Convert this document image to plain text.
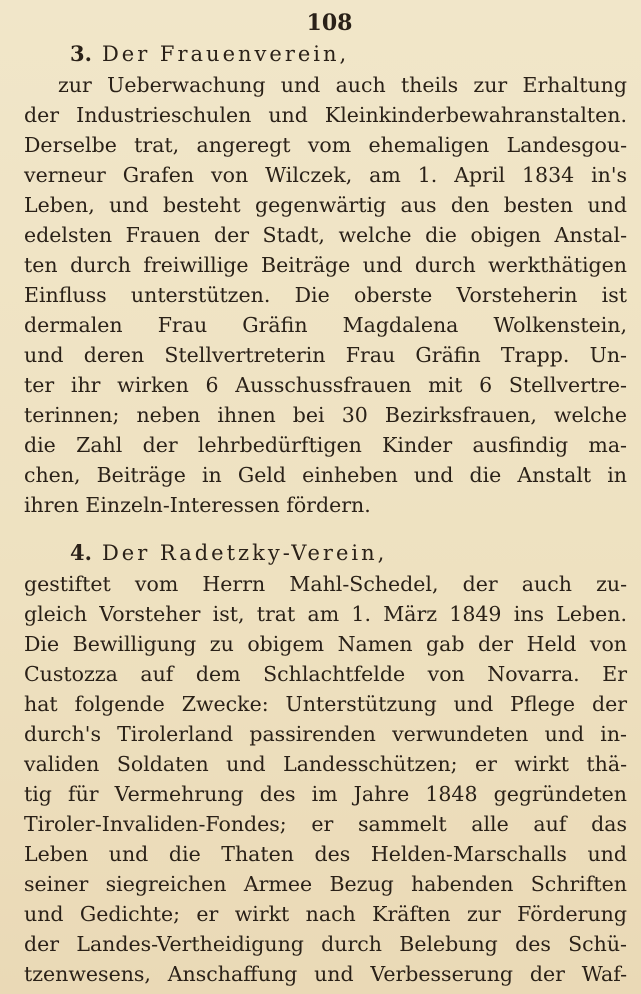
108
3. Der Frauenverein,
zur Ueberwachung und auch theils zur Erhaltung
der Industrieschulen und Kleinkinderbewahranstalten.
Derselbe trat, angeregt vom ehemaligen Landesgou-
verneur Grafen von Wilczek, am 1. April 1834 in's
Leben, und besteht gegenwärtig aus den besten und
edelsten Frauen der Stadt, welche die obigen Anstal-
ten durch freiwillige Beiträge und durch werkthätigen
Einfluss unterstützen. Die oberste Vorsteherin ist
dermalen Frau Gräfin Magdalena Wolkenstein,
und deren Stellvertreterin Frau Gräfin Trapp. Un-
ter ihr wirken 6 Ausschussfrauen mit 6 Stellvertre-
terinnen; neben ihnen bei 30 Bezirksfrauen, welche
die Zahl der lehrbedürftigen Kinder ausfindig ma-
chen, Beiträge in Geld einheben und die Anstalt in
ihren Einzeln-Interessen fördern.
4. Der Radetzky-Verein,
gestiftet vom Herrn Mahl-Schedel, der auch zu-
gleich Vorsteher ist, trat am 1. März 1849 ins Leben.
Die Bewilligung zu obigem Namen gab der Held von
Custozza auf dem Schlachtfelde von Novarra. Er
hat folgende Zwecke: Unterstützung und Pflege der
durch's Tirolerland passirenden verwundeten und in-
validen Soldaten und Landesschützen; er wirkt thä-
tig für Vermehrung des im Jahre 1848 gegründeten
Tiroler-Invaliden-Fondes; er sammelt alle auf das
Leben und die Thaten des Helden-Marschalls und
seiner siegreichen Armee Bezug habenden Schriften
und Gedichte; er wirkt nach Kräften zur Förderung
der Landes-Vertheidigung durch Belebung des Schü-
tzenwesens, Anschaffung und Verbesserung der Waf-
